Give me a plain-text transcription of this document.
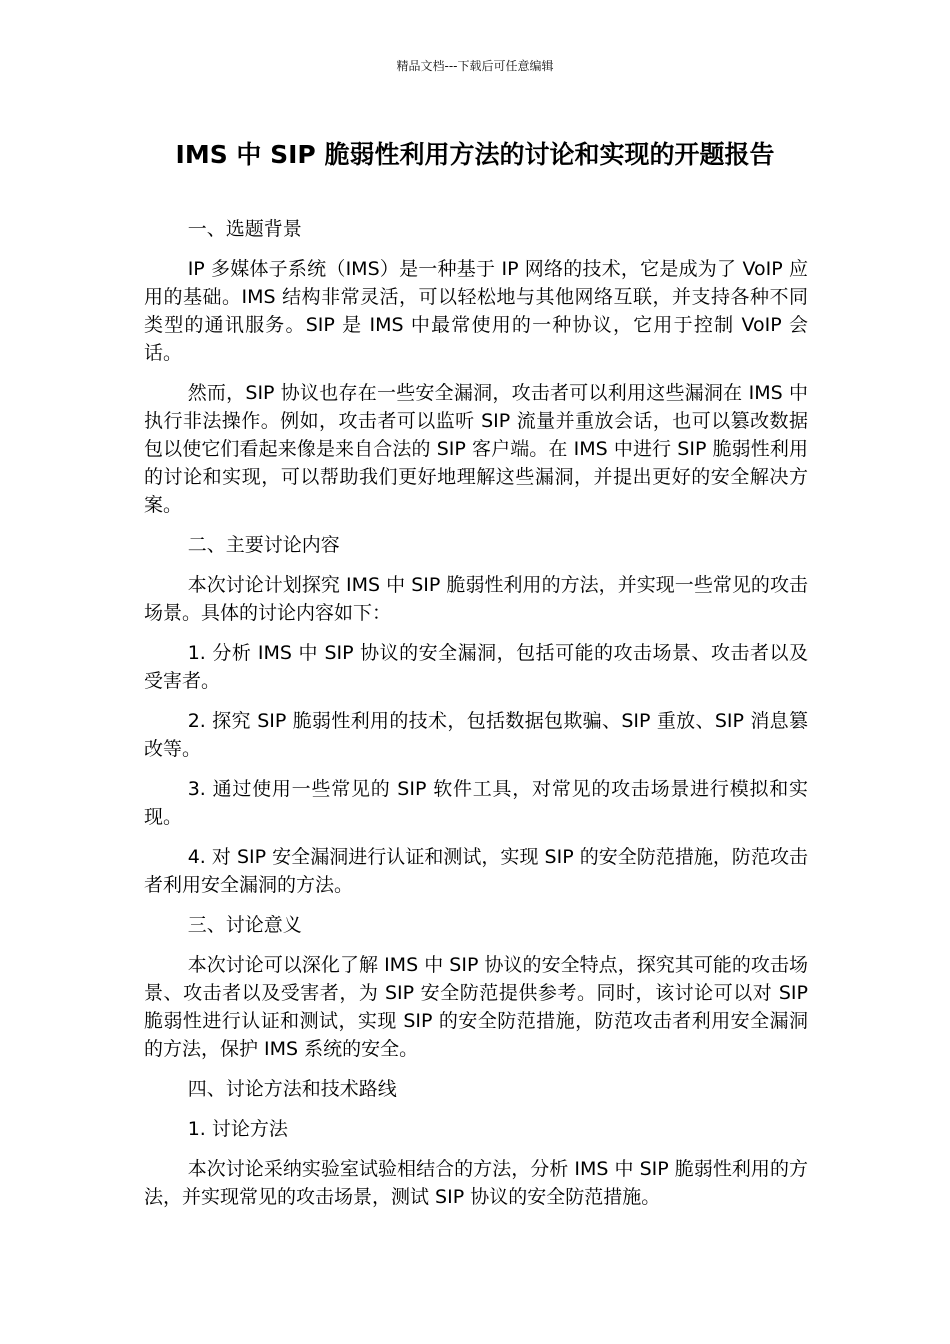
精品文档---下载后可任意编辑
IMS 中 SIP 脆弱性利用方法的讨论和实现的开题报告

一、选题背景

IP 多媒体子系统（IMS）是一种基于 IP 网络的技术，它是成为了 VoIP 应用的基础。IMS 结构非常灵活，可以轻松地与其他网络互联，并支持各种不同类型的通讯服务。SIP 是 IMS 中最常使用的一种协议，它用于控制 VoIP 会话。

然而，SIP 协议也存在一些安全漏洞，攻击者可以利用这些漏洞在 IMS 中执行非法操作。例如，攻击者可以监听 SIP 流量并重放会话，也可以篡改数据包以使它们看起来像是来自合法的 SIP 客户端。在 IMS 中进行 SIP 脆弱性利用的讨论和实现，可以帮助我们更好地理解这些漏洞，并提出更好的安全解决方案。

二、主要讨论内容

本次讨论计划探究 IMS 中 SIP 脆弱性利用的方法，并实现一些常见的攻击场景。具体的讨论内容如下：

1. 分析 IMS 中 SIP 协议的安全漏洞，包括可能的攻击场景、攻击者以及受害者。

2. 探究 SIP 脆弱性利用的技术，包括数据包欺骗、SIP 重放、SIP 消息篡改等。

3. 通过使用一些常见的 SIP 软件工具，对常见的攻击场景进行模拟和实现。

4. 对 SIP 安全漏洞进行认证和测试，实现 SIP 的安全防范措施，防范攻击者利用安全漏洞的方法。

三、讨论意义

本次讨论可以深化了解 IMS 中 SIP 协议的安全特点，探究其可能的攻击场景、攻击者以及受害者，为 SIP 安全防范提供参考。同时，该讨论可以对 SIP 脆弱性进行认证和测试，实现 SIP 的安全防范措施，防范攻击者利用安全漏洞的方法，保护 IMS 系统的安全。

四、讨论方法和技术路线

1. 讨论方法

本次讨论采纳实验室试验相结合的方法，分析 IMS 中 SIP 脆弱性利用的方法，并实现常见的攻击场景，测试 SIP 协议的安全防范措施。
